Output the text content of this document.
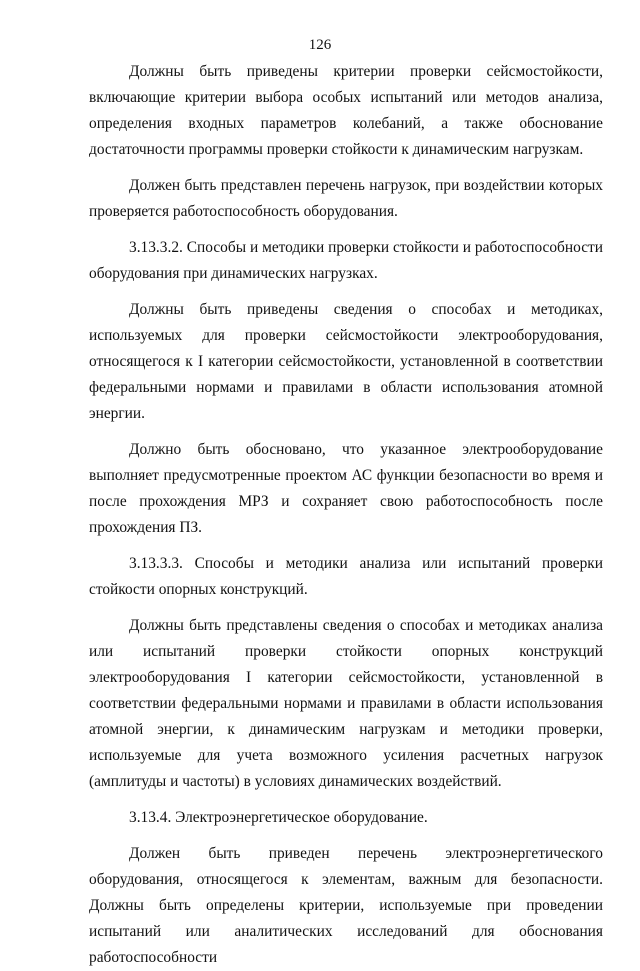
126

Должны быть приведены критерии проверки сейсмостойкости, включающие критерии выбора особых испытаний или методов анализа, определения входных параметров колебаний, а также обоснование достаточности программы проверки стойкости к динамическим нагрузкам.

Должен быть представлен перечень нагрузок, при воздействии которых проверяется работоспособность оборудования.

3.13.3.2. Способы и методики проверки стойкости и работоспособности оборудования при динамических нагрузках.

Должны быть приведены сведения о способах и методиках, используемых для проверки сейсмостойкости электрооборудования, относящегося к I категории сейсмостойкости, установленной в соответствии федеральными нормами и правилами в области использования атомной энергии.

Должно быть обосновано, что указанное электрооборудование выполняет предусмотренные проектом АС функции безопасности во время и после прохождения МРЗ и сохраняет свою работоспособность после прохождения ПЗ.

3.13.3.3. Способы и методики анализа или испытаний проверки стойкости опорных конструкций.

Должны быть представлены сведения о способах и методиках анализа или испытаний проверки стойкости опорных конструкций электрооборудования I категории сейсмостойкости, установленной в соответствии федеральными нормами и правилами в области использования атомной энергии, к динамическим нагрузкам и методики проверки, используемые для учета возможного усиления расчетных нагрузок (амплитуды и частоты) в условиях динамических воздействий.

3.13.4. Электроэнергетическое оборудование.

Должен быть приведен перечень электроэнергетического оборудования, относящегося к элементам, важным для безопасности. Должны быть определены критерии, используемые при проведении испытаний или аналитических исследований для обоснования работоспособности
